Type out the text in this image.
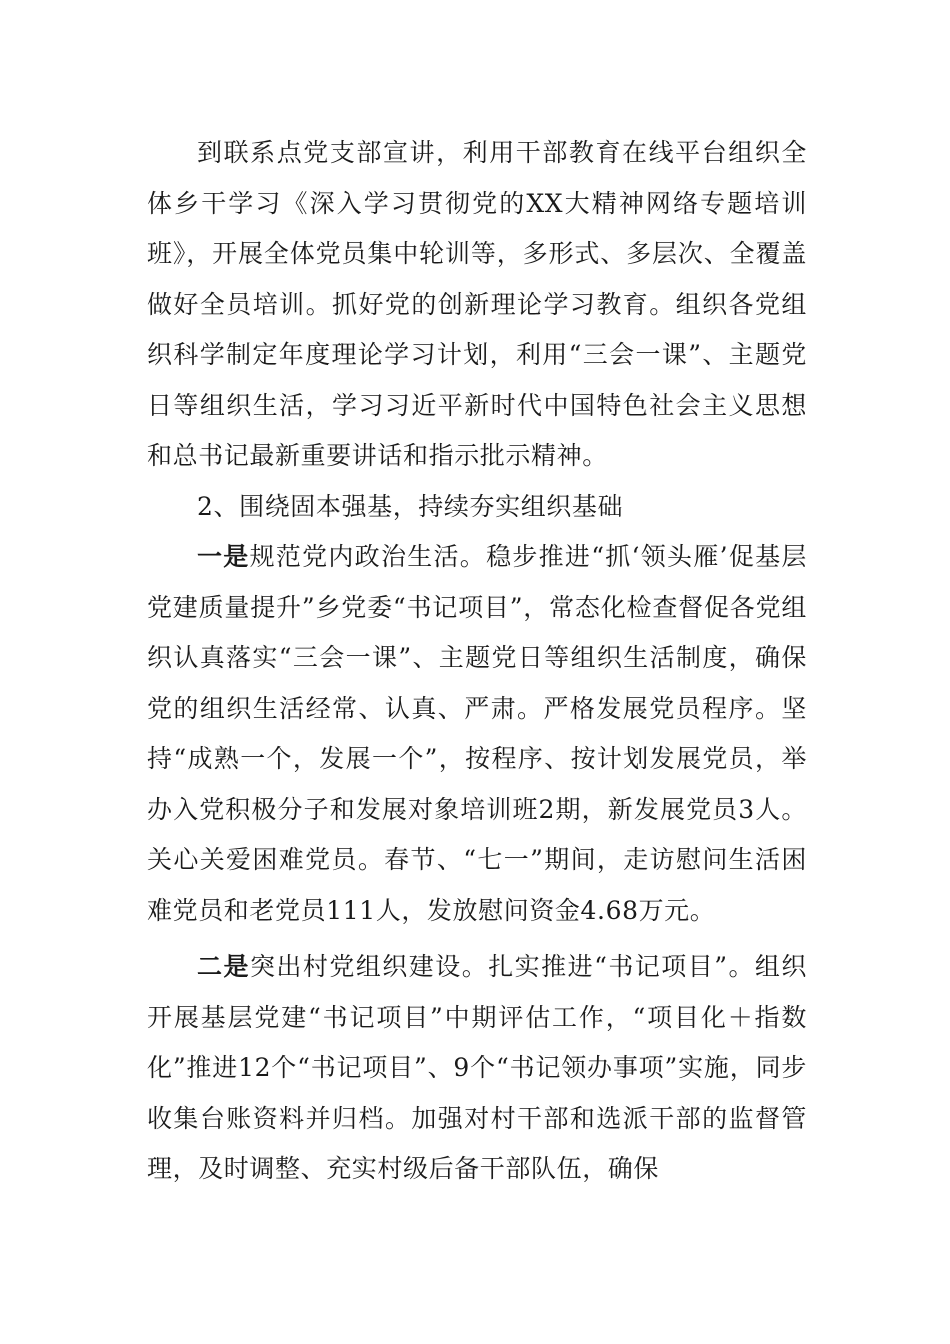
到联系点党支部宣讲，利用干部教育在线平台组织全体乡干学习《深入学习贯彻党的XX大精神网络专题培训班》，开展全体党员集中轮训等，多形式、多层次、全覆盖做好全员培训。抓好党的创新理论学习教育。组织各党组织科学制定年度理论学习计划，利用“三会一课”、主题党日等组织生活，学习习近平新时代中国特色社会主义思想和总书记最新重要讲话和指示批示精神。

2、围绕固本强基，持续夯实组织基础

一是规范党内政治生活。稳步推进“抓‘领头雁’促基层党建质量提升”乡党委“书记项目”，常态化检查督促各党组织认真落实“三会一课”、主题党日等组织生活制度，确保党的组织生活经常、认真、严肃。严格发展党员程序。坚持“成熟一个，发展一个”，按程序、按计划发展党员，举办入党积极分子和发展对象培训班2期，新发展党员3人。关心关爱困难党员。春节、“七一”期间，走访慰问生活困难党员和老党员111人，发放慰问资金4.68万元。

二是突出村党组织建设。扎实推进“书记项目”。组织开展基层党建“书记项目”中期评估工作，“项目化＋指数化”推进12个“书记项目”、9个“书记领办事项”实施，同步收集台账资料并归档。加强对村干部和选派干部的监督管理，及时调整、充实村级后备干部队伍，确保
